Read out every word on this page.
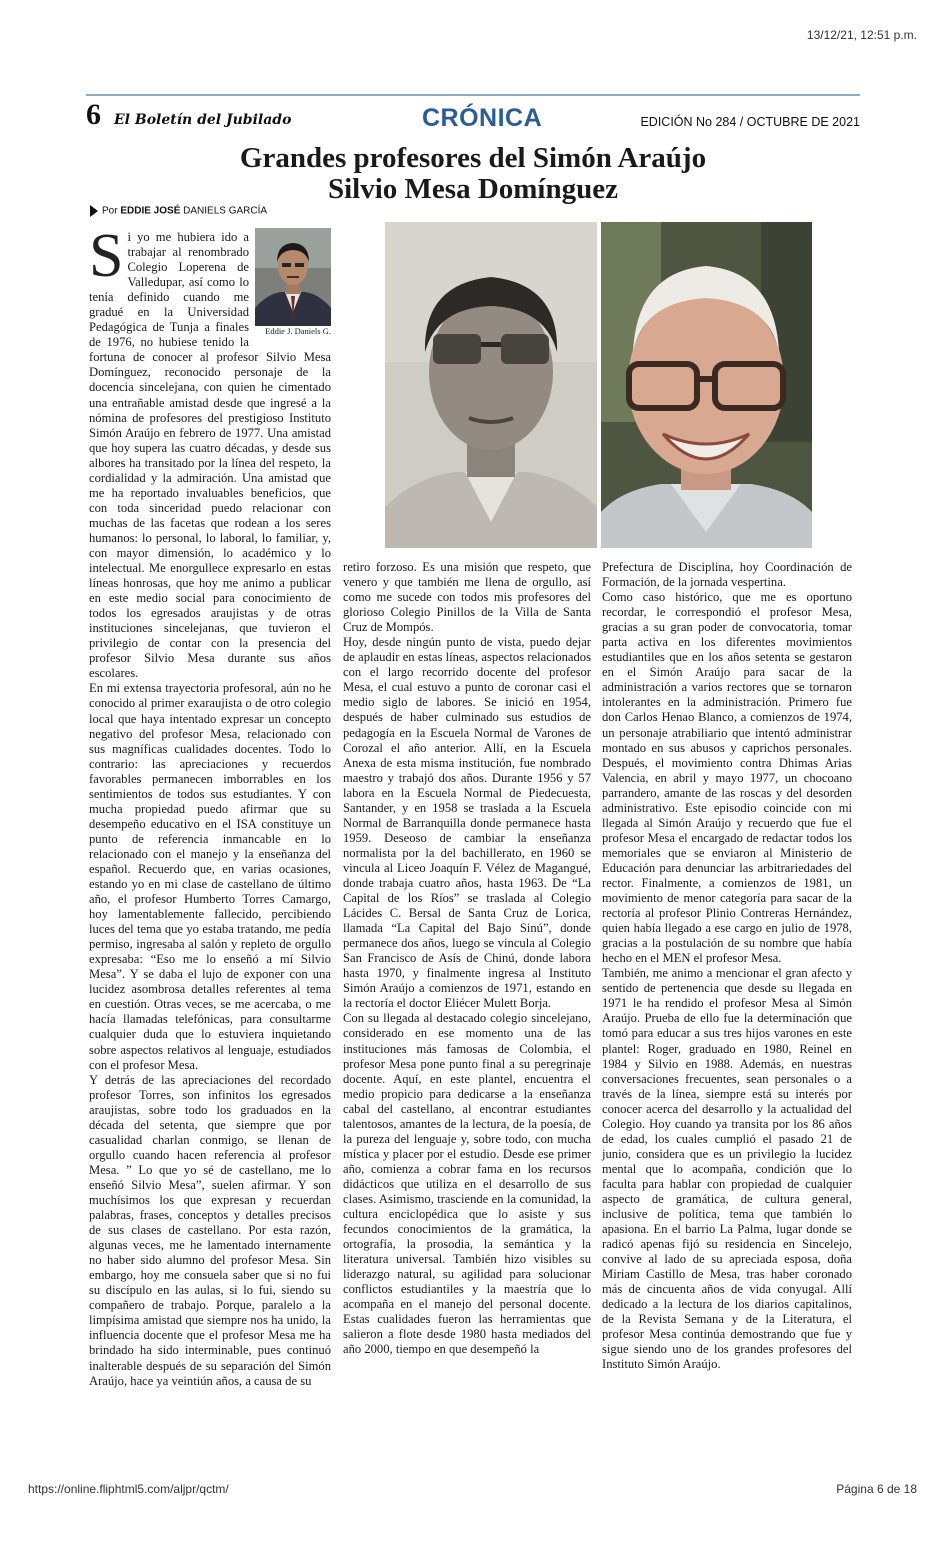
13/12/21, 12:51 p.m.
6 El Boletín del Jubilado	CRÓNICA	EDICIÓN No 284 / OCTUBRE DE 2021
Grandes profesores del Simón Araújo
Silvio Mesa Domínguez
Por EDDIE JOSÉ DANIELS GARCÍA
Eddie J. Daniels G.

Si yo me hubiera ido a trabajar al renombrado Colegio Loperena de Valledupar, así como lo tenía definido cuando me gradué en la Universidad Pedagógica de Tunja a finales de 1976, no hubiese tenido la fortuna de conocer al profesor Silvio Mesa Domínguez, reconocido personaje de la docencia sincelejana, con quien he cimentado una entrañable amistad desde que ingresé a la nómina de profesores del prestigioso Instituto Simón Araújo en febrero de 1977. Una amistad que hoy supera las cuatro décadas, y desde sus albores ha transitado por la línea del respeto, la cordialidad y la admiración. Una amistad que me ha reportado invaluables beneficios, que con toda sinceridad puedo relacionar con muchas de las facetas que rodean a los seres humanos: lo personal, lo laboral, lo familiar, y, con mayor dimensión, lo académico y lo intelectual. Me enorgullece expresarlo en estas líneas honrosas, que hoy me animo a publicar en este medio social para conocimiento de todos los egresados araujistas y de otras instituciones sincelejanas, que tuvieron el privilegio de contar con la presencia del profesor Silvio Mesa durante sus años escolares.

En mi extensa trayectoria profesoral, aún no he conocido al primer exaraujista o de otro colegio local que haya intentado expresar un concepto negativo del profesor Mesa, relacionado con sus magníficas cualidades docentes. Todo lo contrario: las apreciaciones y recuerdos favorables permanecen imborrables en los sentimientos de todos sus estudiantes. Y con mucha propiedad puedo afirmar que su desempeño educativo en el ISA constituye un punto de referencia inmancable en lo relacionado con el manejo y la enseñanza del español. Recuerdo que, en varias ocasiones, estando yo en mi clase de castellano de último año, el profesor Humberto Torres Camargo, hoy lamentablemente fallecido, percibiendo luces del tema que yo estaba tratando, me pedía permiso, ingresaba al salón y repleto de orgullo expresaba: “Eso me lo enseñó a mí Silvio Mesa”. Y se daba el lujo de exponer con una lucidez asombrosa detalles referentes al tema en cuestión. Otras veces, se me acercaba, o me hacía llamadas telefónicas, para consultarme cualquier duda que lo estuviera inquietando sobre aspectos relativos al lenguaje, estudiados con el profesor Mesa.

Y detrás de las apreciaciones del recordado profesor Torres, son infinitos los egresados araujistas, sobre todo los graduados en la década del setenta, que siempre que por casualidad charlan conmigo, se llenan de orgullo cuando hacen referencia al profesor Mesa. ” Lo que yo sé de castellano, me lo enseñó Silvio Mesa”, suelen afirmar. Y son muchísimos los que expresan y recuerdan palabras, frases, conceptos y detalles precisos de sus clases de castellano. Por esta razón, algunas veces, me he lamentado internamente no haber sido alumno del profesor Mesa. Sin embargo, hoy me consuela saber que si no fui su discípulo en las aulas, si lo fui, siendo su compañero de trabajo. Porque, paralelo a la limpísima amistad que siempre nos ha unido, la influencia docente que el profesor Mesa me ha brindado ha sido interminable, pues continuó inalterable después de su separación del Simón Araújo, hace ya veintiún años, a causa de su

retiro forzoso. Es una misión que respeto, que venero y que también me llena de orgullo, así como me sucede con todos mis profesores del glorioso Colegio Pinillos de la Villa de Santa Cruz de Mompós.

Hoy, desde ningún punto de vista, puedo dejar de aplaudir en estas líneas, aspectos relacionados con el largo recorrido docente del profesor Mesa, el cual estuvo a punto de coronar casi el medio siglo de labores. Se inició en 1954, después de haber culminado sus estudios de pedagogía en la Escuela Normal de Varones de Corozal el año anterior. Allí, en la Escuela Anexa de esta misma institución, fue nombrado maestro y trabajó dos años. Durante 1956 y 57 labora en la Escuela Normal de Piedecuesta, Santander, y en 1958 se traslada a la Escuela Normal de Barranquilla donde permanece hasta 1959. Deseoso de cambiar la enseñanza normalista por la del bachillerato, en 1960 se vincula al Liceo Joaquín F. Vélez de Magangué, donde trabaja cuatro años, hasta 1963. De “La Capital de los Ríos” se traslada al Colegio Lácides C. Bersal de Santa Cruz de Lorica, llamada “La Capital del Bajo Sinú”, donde permanece dos años, luego se vincula al Colegio San Francisco de Asís de Chinú, donde labora hasta 1970, y finalmente ingresa al Instituto Simón Araújo a comienzos de 1971, estando en la rectoría el doctor Eliécer Mulett Borja.

Con su llegada al destacado colegio sincelejano, considerado en ese momento una de las instituciones más famosas de Colombia, el profesor Mesa pone punto final a su peregrinaje docente. Aquí, en este plantel, encuentra el medio propicio para dedicarse a la enseñanza cabal del castellano, al encontrar estudiantes talentosos, amantes de la lectura, de la poesía, de la pureza del lenguaje y, sobre todo, con mucha mística y placer por el estudio. Desde ese primer año, comienza a cobrar fama en los recursos didácticos que utiliza en el desarrollo de sus clases. Asimismo, trasciende en la comunidad, la cultura enciclopédica que lo asiste y sus fecundos conocimientos de la gramática, la ortografía, la prosodia, la semántica y la literatura universal. También hizo visibles su liderazgo natural, su agilidad para solucionar conflictos estudiantiles y la maestría que lo acompaña en el manejo del personal docente. Estas cualidades fueron las herramientas que salieron a flote desde 1980 hasta mediados del año 2000, tiempo en que desempeñó la

Prefectura de Disciplina, hoy Coordinación de Formación, de la jornada vespertina.

Como caso histórico, que me es oportuno recordar, le correspondió el profesor Mesa, gracias a su gran poder de convocatoria, tomar parta activa en los diferentes movimientos estudiantiles que en los años setenta se gestaron en el Simón Araújo para sacar de la administración a varios rectores que se tornaron intolerantes en la administración. Primero fue don Carlos Henao Blanco, a comienzos de 1974, un personaje atrabiliario que intentó administrar montado en sus abusos y caprichos personales. Después, el movimiento contra Dhimas Arias Valencia, en abril y mayo 1977, un chocoano parrandero, amante de las roscas y del desorden administrativo. Este episodio coincide con mi llegada al Simón Araújo y recuerdo que fue el profesor Mesa el encargado de redactar todos los memoriales que se enviaron al Ministerio de Educación para denunciar las arbitrariedades del rector. Finalmente, a comienzos de 1981, un movimiento de menor categoría para sacar de la rectoría al profesor Plinio Contreras Hernández, quien había llegado a ese cargo en julio de 1978, gracias a la postulación de su nombre que había hecho en el MEN el profesor Mesa.

También, me animo a mencionar el gran afecto y sentido de pertenencia que desde su llegada en 1971 le ha rendido el profesor Mesa al Simón Araújo. Prueba de ello fue la determinación que tomó para educar a sus tres hijos varones en este plantel: Roger, graduado en 1980, Reinel en 1984 y Silvio en 1988. Además, en nuestras conversaciones frecuentes, sean personales o a través de la línea, siempre está su interés por conocer acerca del desarrollo y la actualidad del Colegio. Hoy cuando ya transita por los 86 años de edad, los cuales cumplió el pasado 21 de junio, considera que es un privilegio la lucidez mental que lo acompaña, condición que lo faculta para hablar con propiedad de cualquier aspecto de gramática, de cultura general, inclusive de política, tema que también lo apasiona. En el barrio La Palma, lugar donde se radicó apenas fijó su residencia en Sincelejo, convive al lado de su apreciada esposa, doña Miriam Castillo de Mesa, tras haber coronado más de cincuenta años de vida conyugal. Allí dedicado a la lectura de los diarios capitalinos, de la Revista Semana y de la Literatura, el profesor Mesa continúa demostrando que fue y sigue siendo uno de los grandes profesores del Instituto Simón Araújo.

https://online.fliphtml5.com/aljpr/qctm/	Página 6 de 18
